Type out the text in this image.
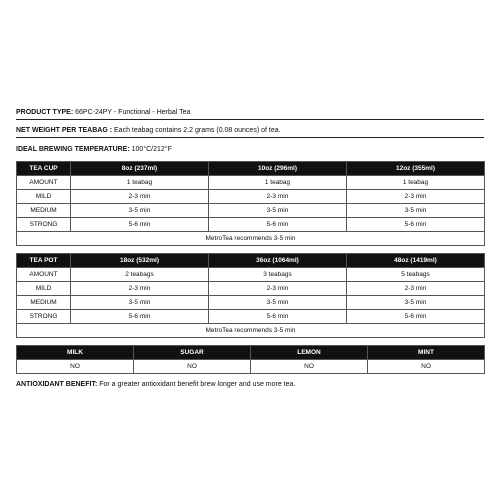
PRODUCT TYPE: 66PC-24PY - Functional - Herbal Tea
NET WEIGHT PER TEABAG : Each teabag contains 2.2 grams (0.08 ounces) of tea.
IDEAL BREWING TEMPERATURE: 100°C/212°F
TEA CUP	8oz (237ml)	10oz (296ml)	12oz (355ml)
AMOUNT	1 teabag	1 teabag	1 teabag
MILD	2-3 min	2-3 min	2-3 min
MEDIUM	3-5 min	3-5 min	3-5 min
STRONG	5-6 min	5-6 min	5-6 min
MetroTea recommends 3-5 min			
TEA POT	18oz (532ml)	36oz (1064ml)	48oz (1419ml)
AMOUNT	2 teabags	3 teabags	5 teabags
MILD	2-3 min	2-3 min	2-3 min
MEDIUM	3-5 min	3-5 min	3-5 min
STRONG	5-6 min	5-6 min	5-6 min
MetroTea recommends 3-5 min			
MILK	SUGAR	LEMON	MINT
NO	NO	NO	NO
ANTIOXIDANT BENEFIT: For a greater antioxidant benefit brew longer and use more tea.
